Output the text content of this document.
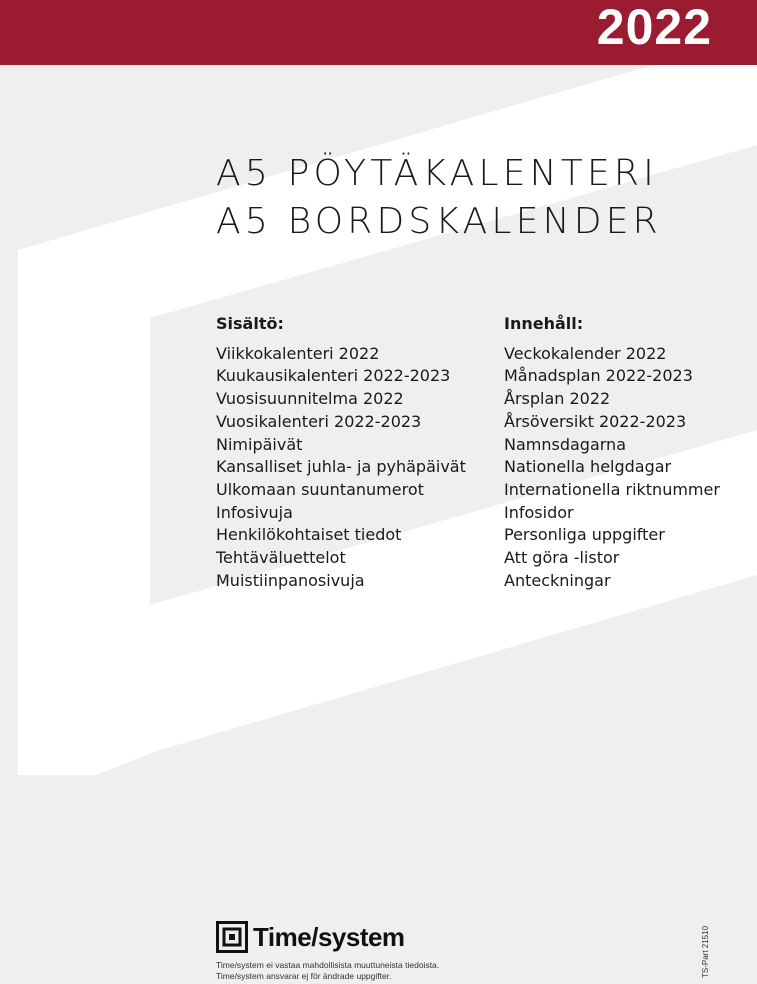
2022
A5 PÖYTÄKALENTERI
A5 BORDSKALENDER
Sisältö:
Viikkokalenteri 2022
Kuukausikalenteri 2022-2023
Vuosisuunnitelma 2022
Vuosikalenteri 2022-2023
Nimipäivät
Kansalliset juhla- ja pyhäpäivät
Ulkomaan suuntanumerot
Infosivuja
Henkilökohtaiset tiedot
Tehtäväluettelot
Muistiinpanosivuja
Innehåll:
Veckokalender 2022
Månadsplan 2022-2023
Årsplan 2022
Årsöversikt 2022-2023
Namnsdagarna
Nationella helgdagar
Internationella riktnummer
Infosidor
Personliga uppgifter
Att göra -listor
Anteckningar
Time/system
Time/system ei vastaa mahdollisista muuttuneista tiedoista.
Time/system ansvarar ej för ändrade uppgifter.	TS-Part 21510
